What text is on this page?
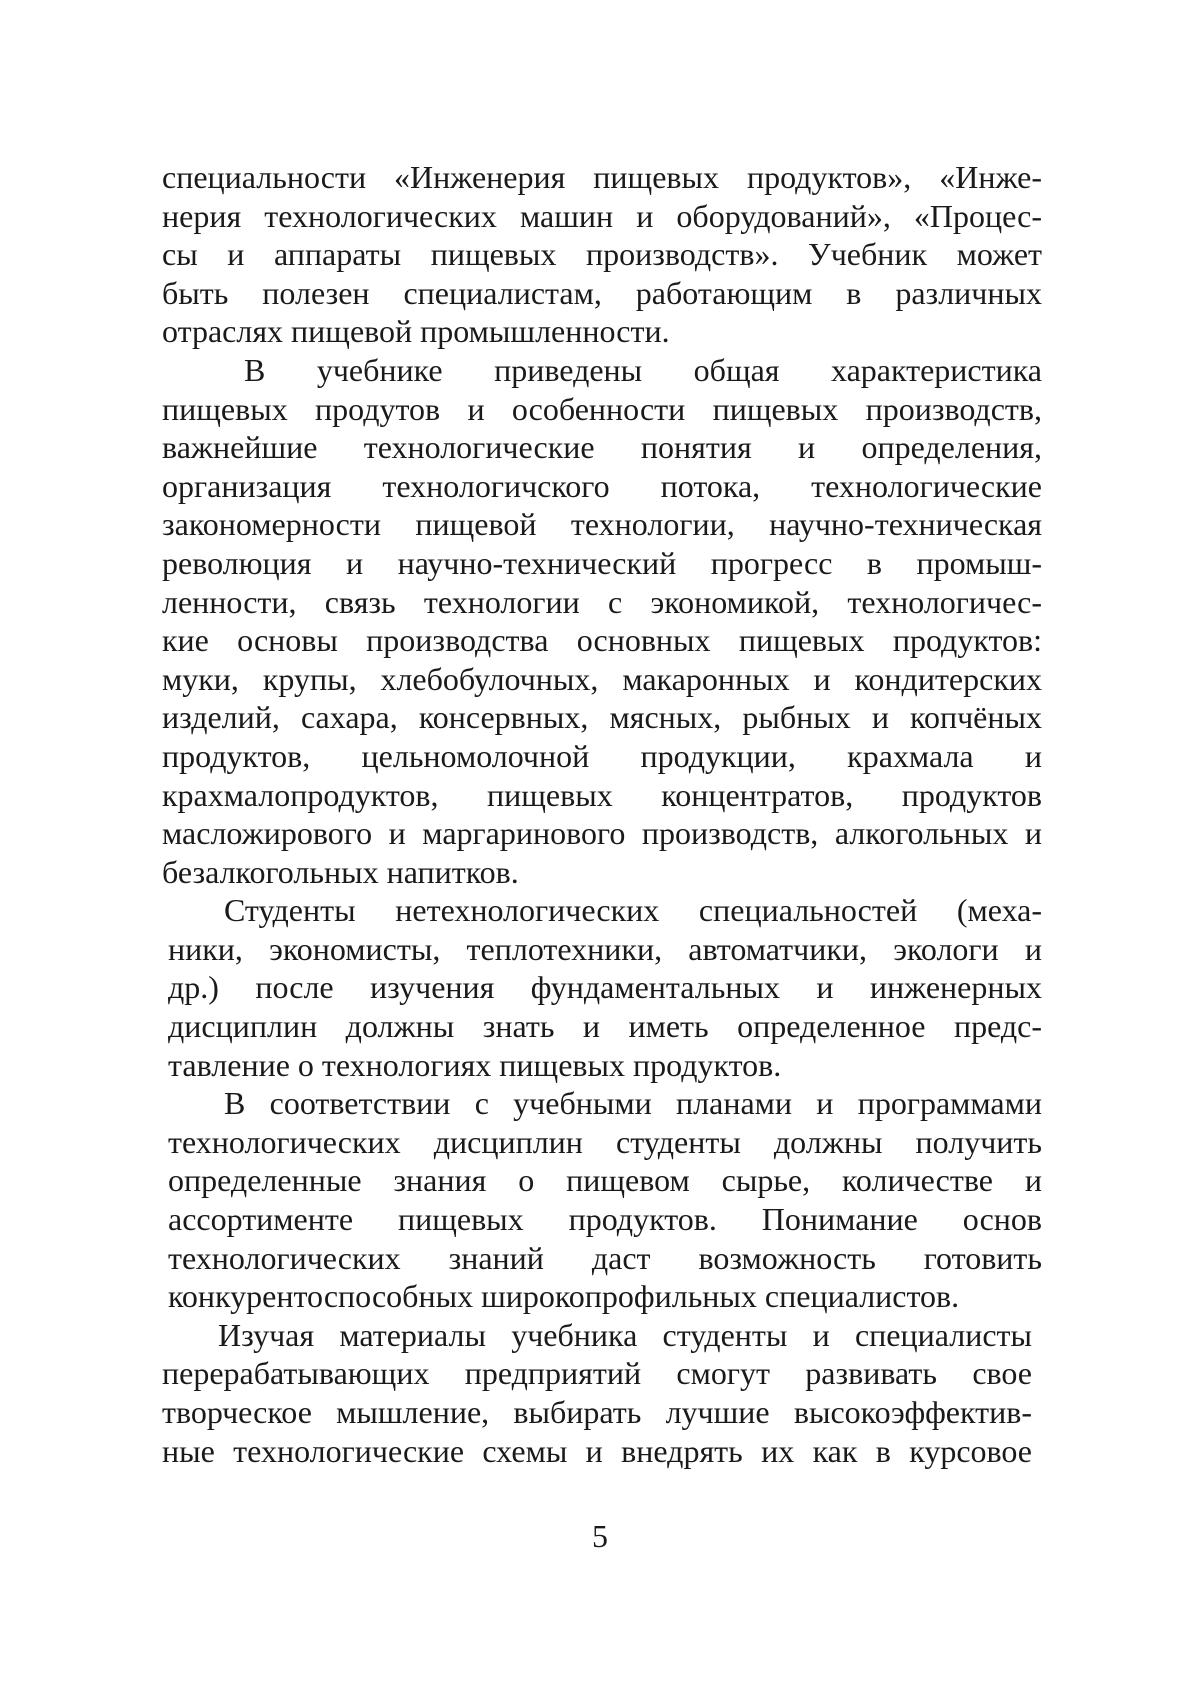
специальности «Инженерия пищевых продуктов», «Инже-
нерия технологических машин и оборудований», «Процес-
сы и аппараты пищевых производств». Учебник может
быть полезен специалистам, работающим в различных
отраслях пищевой промышленности.
В учебнике приведены общая характеристика
пищевых продутов и особенности пищевых производств,
важнейшие технологические понятия и определения,
организация технологичского потока, технологические
закономерности пищевой технологии, научно-техническая
революция и научно-технический прогресс в промыш-
ленности, связь технологии с экономикой, технологичес-
кие основы производства основных пищевых продуктов:
муки, крупы, хлебобулочных, макаронных и кондитерских
изделий, сахара, консервных, мясных, рыбных и копчёных
продуктов, цельномолочной продукции, крахмала и
крахмалопродуктов, пищевых концентратов, продуктов
масложирового и маргаринового производств, алкогольных и
безалкогольных напитков.
Студенты нетехнологических специальностей (меха-
ники, экономисты, теплотехники, автоматчики, экологи и
др.) после изучения фундаментальных и инженерных
дисциплин должны знать и иметь определенное предс-
тавление о технологиях пищевых продуктов.
В соответствии с учебными планами и программами
технологических дисциплин студенты должны получить
определенные знания о пищевом сырье, количестве и
ассортименте пищевых продуктов. Понимание основ
технологических знаний даст возможность готовить
конкурентоспособных широкопрофильных специалистов.
Изучая материалы учебника студенты и специалисты
перерабатывающих предприятий смогут развивать свое
творческое мышление, выбирать лучшие высокоэффектив-
ные технологические схемы и внедрять их как в курсовое
5
